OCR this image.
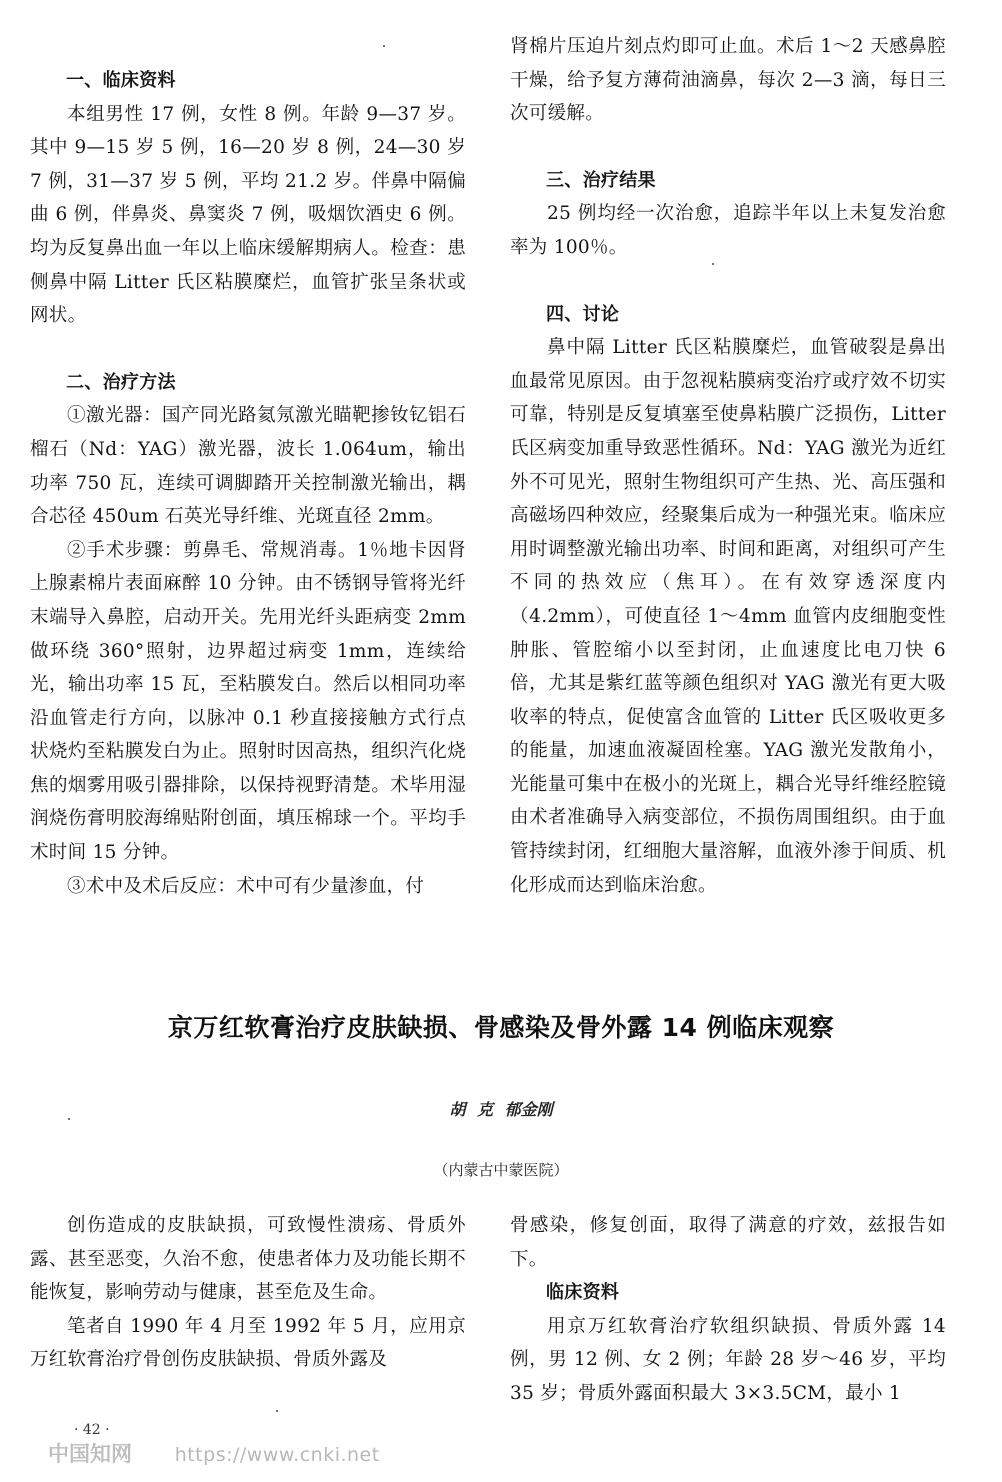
一、临床资料

本组男性 17 例，女性 8 例。年龄 9—37 岁。其中 9—15 岁 5 例，16—20 岁 8 例，24—30 岁 7 例，31—37 岁 5 例，平均 21.2 岁。伴鼻中隔偏曲 6 例，伴鼻炎、鼻窦炎 7 例，吸烟饮酒史 6 例。均为反复鼻出血一年以上临床缓解期病人。检查：患侧鼻中隔 Litter 氏区粘膜糜烂，血管扩张呈条状或网状。

二、治疗方法

①激光器：国产同光路氦氖激光瞄靶掺钕钇铝石榴石（Nd：YAG）激光器，波长 1.064um，输出功率 750 瓦，连续可调脚踏开关控制激光输出，耦合芯径 450um 石英光导纤维、光斑直径 2mm。

②手术步骤：剪鼻毛、常规消毒。1％地卡因肾上腺素棉片表面麻醉 10 分钟。由不锈钢导管将光纤末端导入鼻腔，启动开关。先用光纤头距病变 2mm 做环绕 360°照射，边界超过病变 1mm，连续给光，输出功率 15 瓦，至粘膜发白。然后以相同功率沿血管走行方向，以脉冲 0.1 秒直接接触方式行点状烧灼至粘膜发白为止。照射时因高热，组织汽化烧焦的烟雾用吸引器排除，以保持视野清楚。术毕用湿润烧伤膏明胶海绵贴附创面，填压棉球一个。平均手术时间 15 分钟。

③术中及术后反应：术中可有少量渗血，付

肾棉片压迫片刻点灼即可止血。术后 1～2 天感鼻腔干燥，给予复方薄荷油滴鼻，每次 2—3 滴，每日三次可缓解。

三、治疗结果

25 例均经一次治愈，追踪半年以上未复发治愈率为 100％。

四、讨论

鼻中隔 Litter 氏区粘膜糜烂，血管破裂是鼻出血最常见原因。由于忽视粘膜病变治疗或疗效不切实可靠，特别是反复填塞至使鼻粘膜广泛损伤，Litter 氏区病变加重导致恶性循环。Nd：YAG 激光为近红外不可见光，照射生物组织可产生热、光、高压强和高磁场四种效应，经聚集后成为一种强光束。临床应用时调整激光输出功率、时间和距离，对组织可产生不同的热效应（焦耳）。在有效穿透深度内（4.2mm），可使直径 1～4mm 血管内皮细胞变性肿胀、管腔缩小以至封闭，止血速度比电刀快 6 倍，尤其是紫红蓝等颜色组织对 YAG 激光有更大吸收率的特点，促使富含血管的 Litter 氏区吸收更多的能量，加速血液凝固栓塞。YAG 激光发散角小，光能量可集中在极小的光斑上，耦合光导纤维经腔镜由术者准确导入病变部位，不损伤周围组织。由于血管持续封闭，红细胞大量溶解，血液外渗于间质、机化形成而达到临床治愈。

京万红软膏治疗皮肤缺损、骨感染及骨外露 14 例临床观察
胡 克 郁金刚
（内蒙古中蒙医院）

创伤造成的皮肤缺损，可致慢性溃疡、骨质外露、甚至恶变，久治不愈，使患者体力及功能长期不能恢复，影响劳动与健康，甚至危及生命。

笔者自 1990 年 4 月至 1992 年 5 月，应用京万红软膏治疗骨创伤皮肤缺损、骨质外露及

骨感染，修复创面，取得了满意的疗效，兹报告如下。

临床资料

用京万红软膏治疗软组织缺损、骨质外露 14 例，男 12 例、女 2 例；年龄 28 岁～46 岁，平均 35 岁；骨质外露面积最大 3×3.5CM，最小 1

· 42 ·
中国知网 https://www.cnki.net
